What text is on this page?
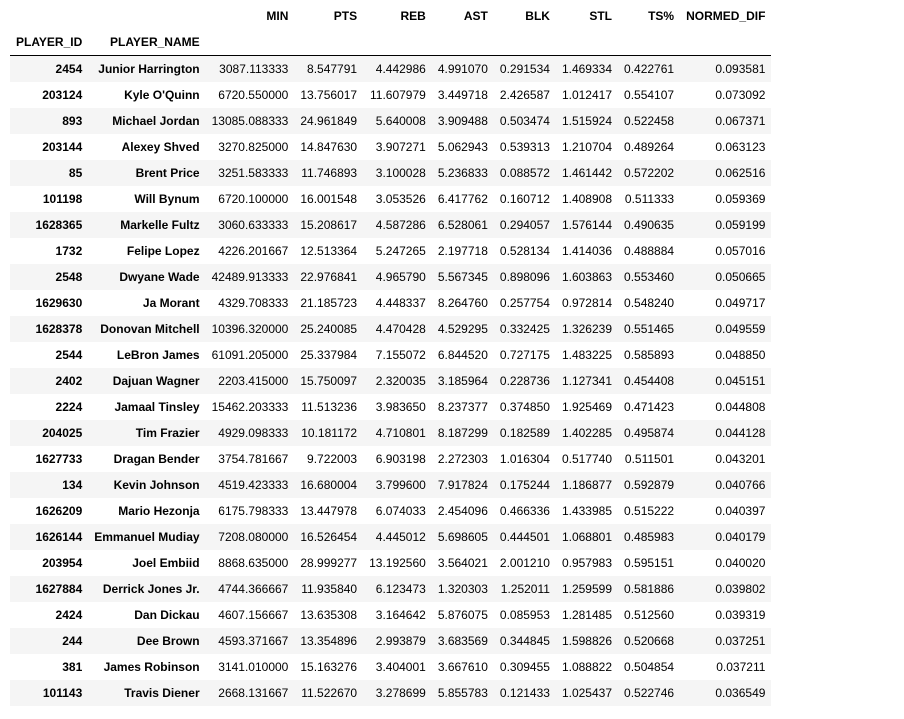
		MIN	PTS	REB	AST	BLK	STL	TS%	NORMED_DIF
PLAYER_ID	PLAYER_NAME								
2454	Junior Harrington	3087.113333	8.547791	4.442986	4.991070	0.291534	1.469334	0.422761	0.093581
203124	Kyle O'Quinn	6720.550000	13.756017	11.607979	3.449718	2.426587	1.012417	0.554107	0.073092
893	Michael Jordan	13085.088333	24.961849	5.640008	3.909488	0.503474	1.515924	0.522458	0.067371
203144	Alexey Shved	3270.825000	14.847630	3.907271	5.062943	0.539313	1.210704	0.489264	0.063123
85	Brent Price	3251.583333	11.746893	3.100028	5.236833	0.088572	1.461442	0.572202	0.062516
101198	Will Bynum	6720.100000	16.001548	3.053526	6.417762	0.160712	1.408908	0.511333	0.059369
1628365	Markelle Fultz	3060.633333	15.208617	4.587286	6.528061	0.294057	1.576144	0.490635	0.059199
1732	Felipe Lopez	4226.201667	12.513364	5.247265	2.197718	0.528134	1.414036	0.488884	0.057016
2548	Dwyane Wade	42489.913333	22.976841	4.965790	5.567345	0.898096	1.603863	0.553460	0.050665
1629630	Ja Morant	4329.708333	21.185723	4.448337	8.264760	0.257754	0.972814	0.548240	0.049717
1628378	Donovan Mitchell	10396.320000	25.240085	4.470428	4.529295	0.332425	1.326239	0.551465	0.049559
2544	LeBron James	61091.205000	25.337984	7.155072	6.844520	0.727175	1.483225	0.585893	0.048850
2402	Dajuan Wagner	2203.415000	15.750097	2.320035	3.185964	0.228736	1.127341	0.454408	0.045151
2224	Jamaal Tinsley	15462.203333	11.513236	3.983650	8.237377	0.374850	1.925469	0.471423	0.044808
204025	Tim Frazier	4929.098333	10.181172	4.710801	8.187299	0.182589	1.402285	0.495874	0.044128
1627733	Dragan Bender	3754.781667	9.722003	6.903198	2.272303	1.016304	0.517740	0.511501	0.043201
134	Kevin Johnson	4519.423333	16.680004	3.799600	7.917824	0.175244	1.186877	0.592879	0.040766
1626209	Mario Hezonja	6175.798333	13.447978	6.074033	2.454096	0.466336	1.433985	0.515222	0.040397
1626144	Emmanuel Mudiay	7208.080000	16.526454	4.445012	5.698605	0.444501	1.068801	0.485983	0.040179
203954	Joel Embiid	8868.635000	28.999277	13.192560	3.564021	2.001210	0.957983	0.595151	0.040020
1627884	Derrick Jones Jr.	4744.366667	11.935840	6.123473	1.320303	1.252011	1.259599	0.581886	0.039802
2424	Dan Dickau	4607.156667	13.635308	3.164642	5.876075	0.085953	1.281485	0.512560	0.039319
244	Dee Brown	4593.371667	13.354896	2.993879	3.683569	0.344845	1.598826	0.520668	0.037251
381	James Robinson	3141.010000	15.163276	3.404001	3.667610	0.309455	1.088822	0.504854	0.037211
101143	Travis Diener	2668.131667	11.522670	3.278699	5.855783	0.121433	1.025437	0.522746	0.036549
